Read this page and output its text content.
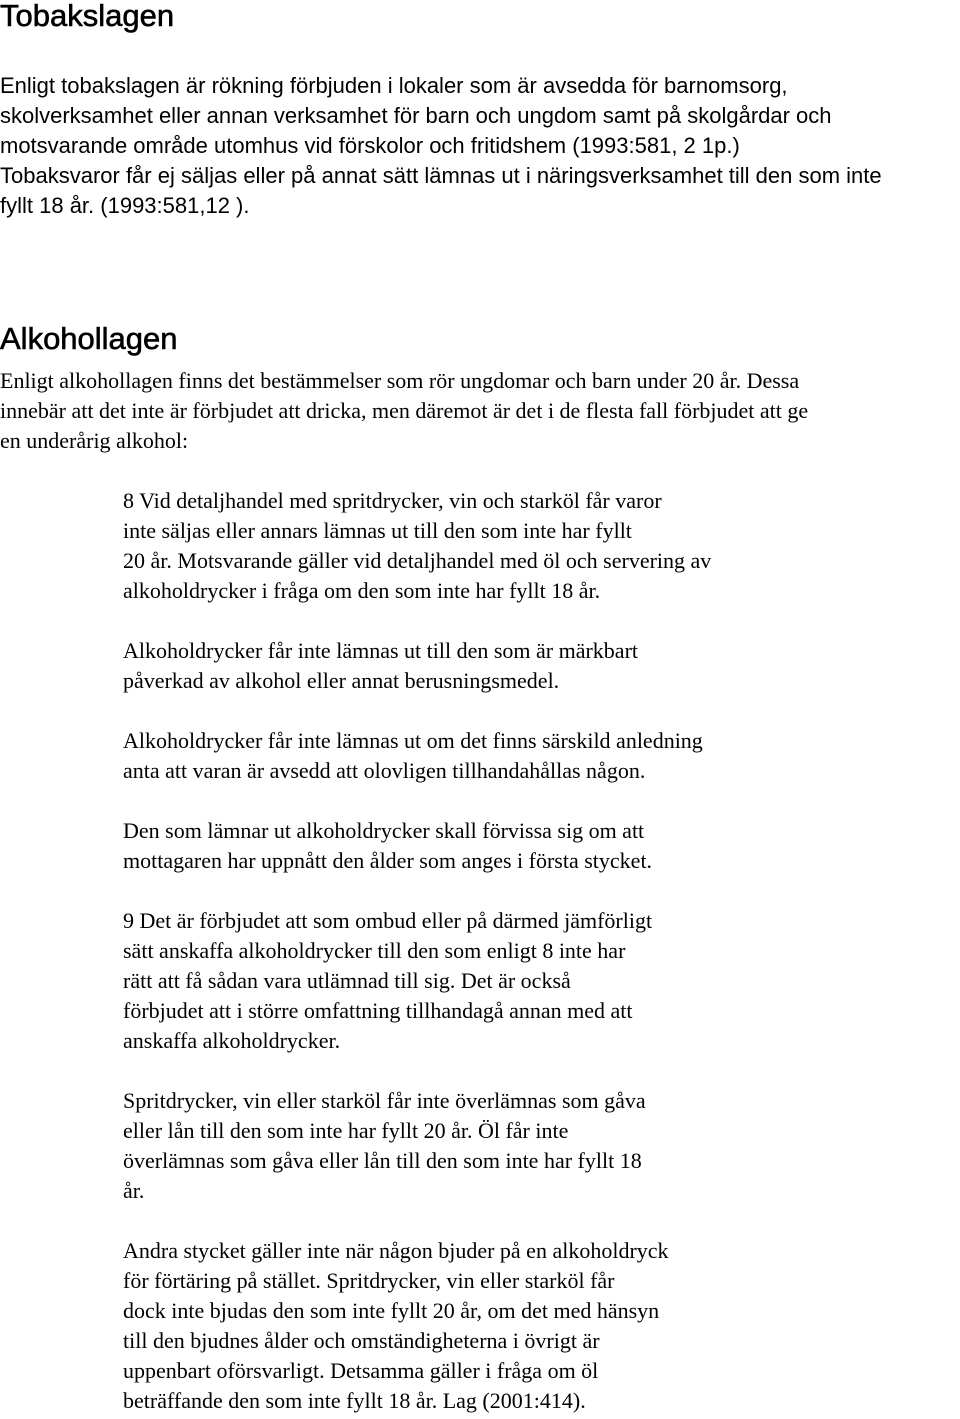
Tobakslagen
Enligt tobakslagen är rökning förbjuden i lokaler som är avsedda för barnomsorg,
skolverksamhet eller annan verksamhet för barn och ungdom samt på skolgårdar och
motsvarande område utomhus vid förskolor och fritidshem (1993:581, 2 1p.)
Tobaksvaror får ej säljas eller på annat sätt lämnas ut i näringsverksamhet till den som inte
fyllt 18 år. (1993:581,12 ).
Alkohollagen
Enligt alkohollagen finns det bestämmelser som rör ungdomar och barn under 20 år. Dessa
innebär att det inte är förbjudet att dricka, men däremot är det i de flesta fall förbjudet att ge
en underårig alkohol:
8 Vid detaljhandel med spritdrycker, vin och starköl får varor
inte säljas eller annars lämnas ut till den som inte har fyllt
20 år. Motsvarande gäller vid detaljhandel med öl och servering av
alkoholdrycker i fråga om den som inte har fyllt 18 år.
Alkoholdrycker får inte lämnas ut till den som är märkbart
påverkad av alkohol eller annat berusningsmedel.
Alkoholdrycker får inte lämnas ut om det finns särskild anledning
anta att varan är avsedd att olovligen tillhandahållas någon.
Den som lämnar ut alkoholdrycker skall förvissa sig om att
mottagaren har uppnått den ålder som anges i första stycket.
9 Det är förbjudet att som ombud eller på därmed jämförligt
sätt anskaffa alkoholdrycker till den som enligt 8 inte har
rätt att få sådan vara utlämnad till sig. Det är också
förbjudet att i större omfattning tillhandagå annan med att
anskaffa alkoholdrycker.
Spritdrycker, vin eller starköl får inte överlämnas som gåva
eller lån till den som inte har fyllt 20 år. Öl får inte
överlämnas som gåva eller lån till den som inte har fyllt 18
år.
Andra stycket gäller inte när någon bjuder på en alkoholdryck
för förtäring på stället. Spritdrycker, vin eller starköl får
dock inte bjudas den som inte fyllt 20 år, om det med hänsyn
till den bjudnes ålder och omständigheterna i övrigt är
uppenbart oförsvarligt. Detsamma gäller i fråga om öl
beträffande den som inte fyllt 18 år. Lag (2001:414).
